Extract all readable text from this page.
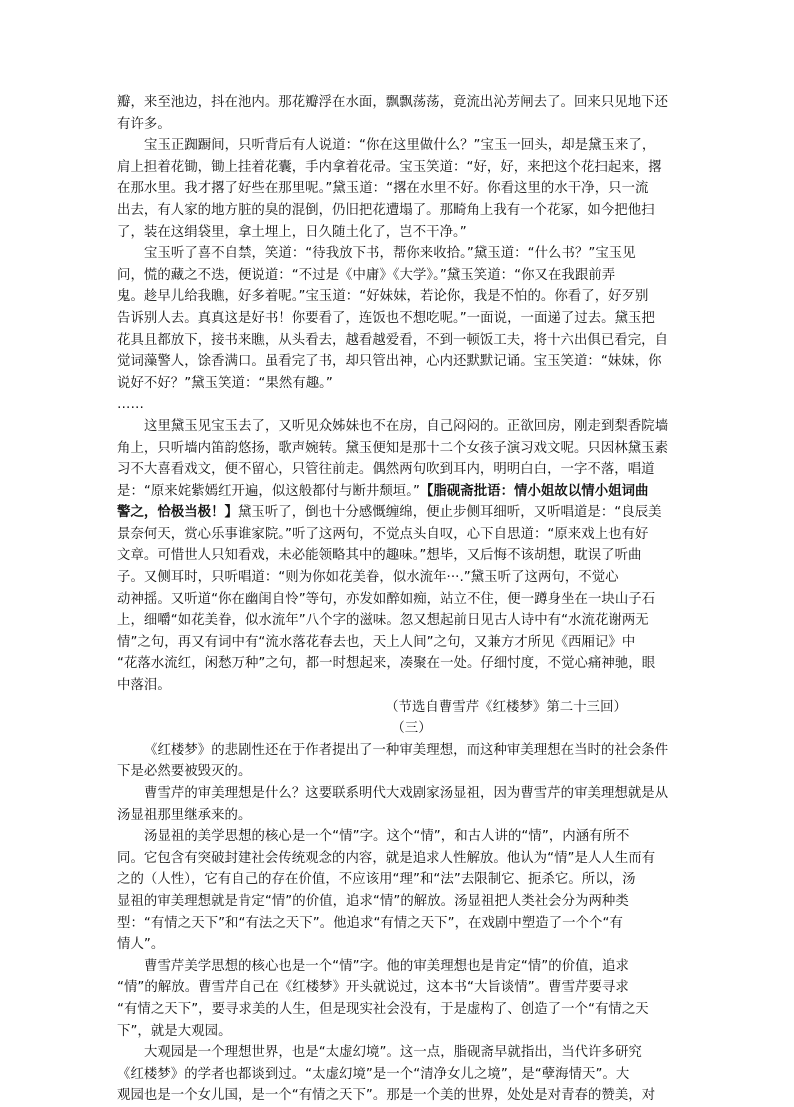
瓣，来至池边，抖在池内。那花瓣浮在水面，飘飘荡荡，竟流出沁芳闸去了。回来只见地下还
有许多。
宝玉正踟蹰间，只听背后有人说道：“你在这里做什么？”宝玉一回头，却是黛玉来了，
肩上担着花锄，锄上挂着花囊，手内拿着花帚。宝玉笑道：“好，好，来把这个花扫起来，撂
在那水里。我才撂了好些在那里呢。”黛玉道：“撂在水里不好。你看这里的水干净，只一流
出去，有人家的地方脏的臭的混倒，仍旧把花遭塌了。那畸角上我有一个花冢，如今把他扫
了，装在这绢袋里，拿土埋上，日久随土化了，岂不干净。”
宝玉听了喜不自禁，笑道：“待我放下书，帮你来收拾。”黛玉道：“什么书？”宝玉见
问，慌的藏之不迭，便说道：“不过是《中庸》《大学》。”黛玉笑道：“你又在我跟前弄
鬼。趁早儿给我瞧，好多着呢。”宝玉道：“好妹妹，若论你，我是不怕的。你看了，好歹别
告诉别人去。真真这是好书！你要看了，连饭也不想吃呢。”一面说，一面递了过去。黛玉把
花具且都放下，接书来瞧，从头看去，越看越爱看，不到一顿饭工夫，将十六出俱已看完，自
觉词藻警人，馀香满口。虽看完了书，却只管出神，心内还默默记诵。宝玉笑道：“妹妹，你
说好不好？”黛玉笑道：“果然有趣。”
……
这里黛玉见宝玉去了，又听见众姊妹也不在房，自己闷闷的。正欲回房，刚走到梨香院墙
角上，只听墙内笛韵悠扬，歌声婉转。黛玉便知是那十二个女孩子演习戏文呢。只因林黛玉素
习不大喜看戏文，便不留心，只管往前走。偶然两句吹到耳内，明明白白，一字不落，唱道
是：“原来姹紫嫣红开遍，似这般都付与断井颓垣。”【脂砚斋批语：情小姐故以情小姐词曲
警之，恰极当极！】黛玉听了，倒也十分感慨缠绵，便止步侧耳细听，又听唱道是：“良辰美
景奈何天，赏心乐事谁家院。”听了这两句，不觉点头自叹，心下自思道：“原来戏上也有好
文章。可惜世人只知看戏，未必能领略其中的趣味。”想毕，又后悔不该胡想，耽误了听曲
子。又侧耳时，只听唱道：“则为你如花美眷，似水流年···.”黛玉听了这两句，不觉心
动神摇。又听道“你在幽闺自怜”等句，亦发如醉如痴，站立不住，便一蹲身坐在一块山子石
上，细嚼“如花美眷，似水流年”八个字的滋味。忽又想起前日见古人诗中有“水流花谢两无
情”之句，再又有词中有“流水落花春去也，天上人间”之句，又兼方才所见《西厢记》中
“花落水流红，闲愁万种”之句，都一时想起来，凑聚在一处。仔细忖度，不觉心痛神驰，眼
中落泪。
（节选自曹雪芹《红楼梦》第二十三回）
（三）
《红楼梦》的悲剧性还在于作者提出了一种审美理想，而这种审美理想在当时的社会条件
下是必然要被毁灭的。
曹雪芹的审美理想是什么？这要联系明代大戏剧家汤显祖，因为曹雪芹的审美理想就是从
汤显祖那里继承来的。
汤显祖的美学思想的核心是一个“情”字。这个“情”，和古人讲的“情”，内涵有所不
同。它包含有突破封建社会传统观念的内容，就是追求人性解放。他认为“情”是人人生而有
之的（人性），它有自己的存在价值，不应该用“理”和“法”去限制它、扼杀它。所以，汤
显祖的审美理想就是肯定“情”的价值，追求“情”的解放。汤显祖把人类社会分为两种类
型：“有情之天下”和“有法之天下”。他追求“有情之天下”，在戏剧中塑造了一个个“有
情人”。
曹雪芹美学思想的核心也是一个“情”字。他的审美理想也是肯定“情”的价值，追求
“情”的解放。曹雪芹自己在《红楼梦》开头就说过，这本书“大旨谈情”。曹雪芹要寻求
“有情之天下”，要寻求美的人生，但是现实社会没有，于是虚构了、创造了一个“有情之天
下”，就是大观园。
大观园是一个理想世界，也是“太虚幻境”。这一点，脂砚斋早就指出，当代许多研究
《红楼梦》的学者也都谈到过。“太虚幻境”是一个“清净女儿之境”，是“孽海情天”。大
观园也是一个女儿国，是一个“有情之天下”。那是一个美的世界，处处是对青春的赞美，对
